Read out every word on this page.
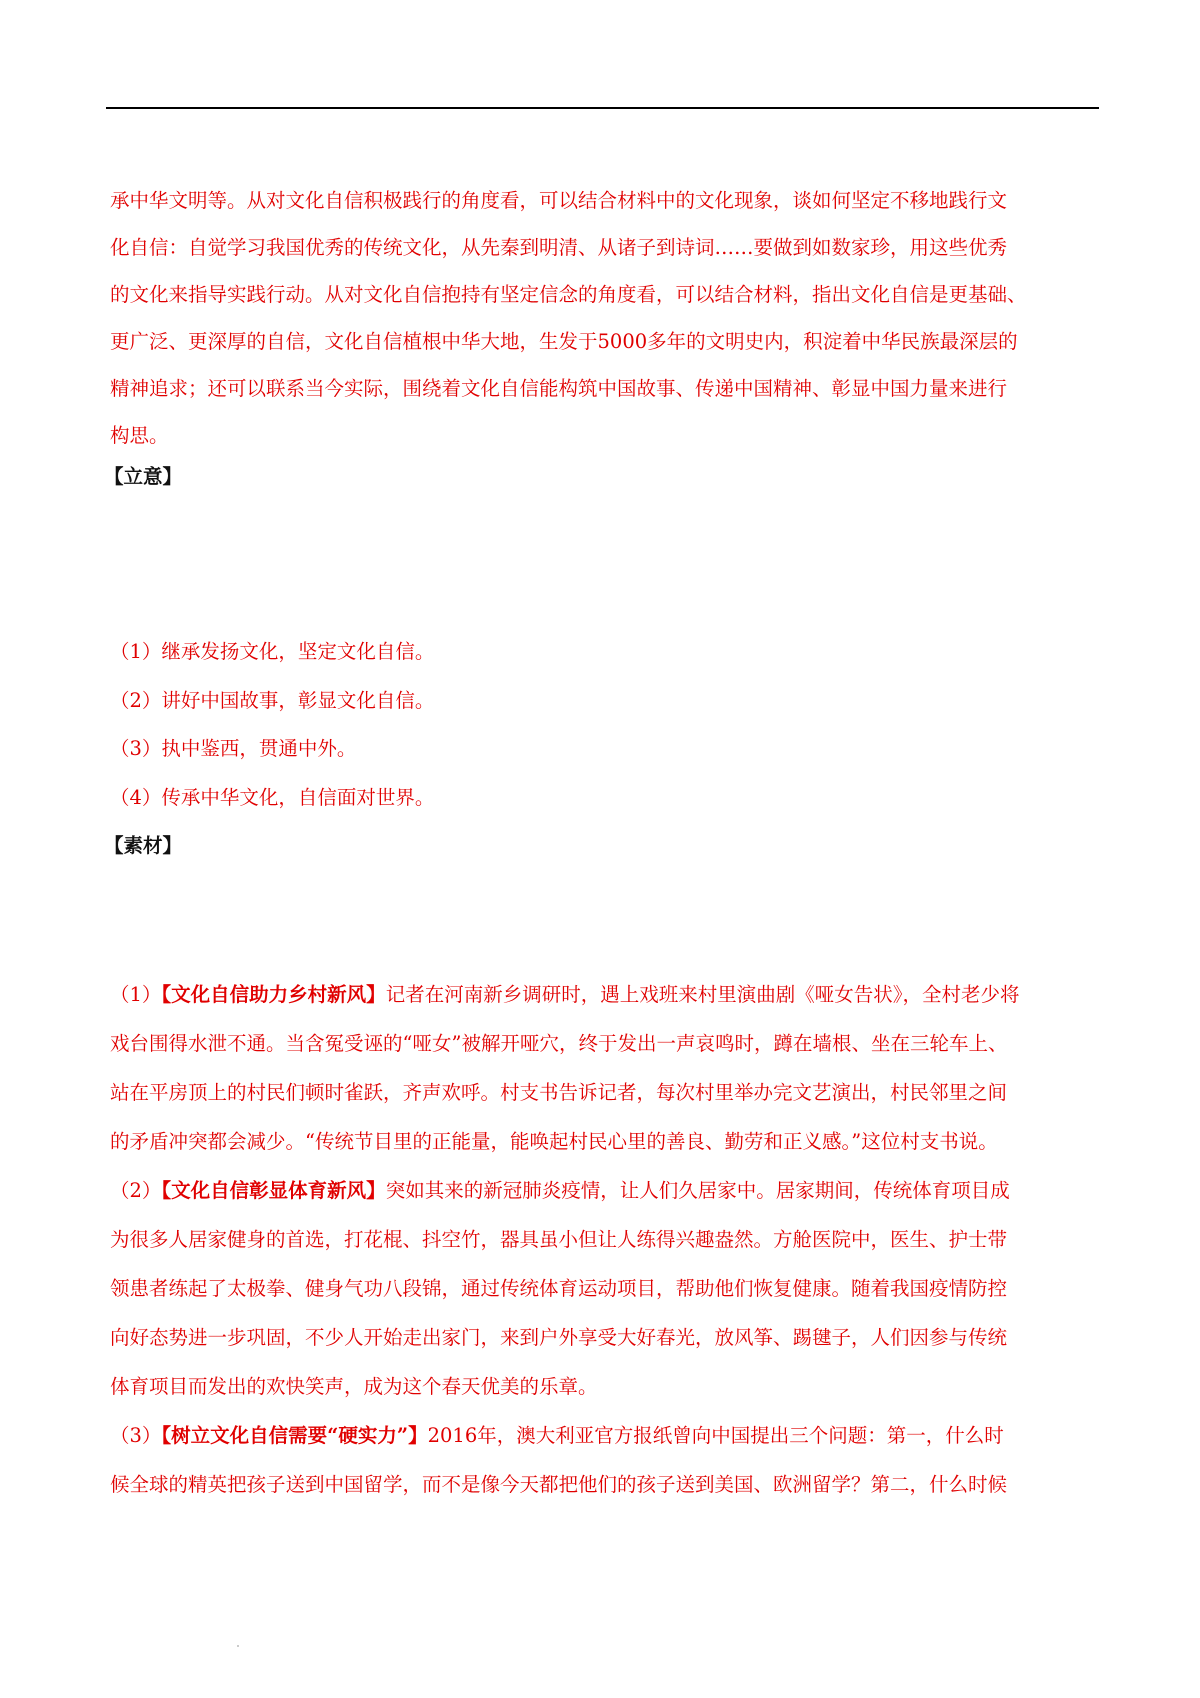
承中华文明等。从对文化自信积极践行的角度看，可以结合材料中的文化现象，谈如何坚定不移地践行文
化自信：自觉学习我国优秀的传统文化，从先秦到明清、从诸子到诗词……要做到如数家珍，用这些优秀
的文化来指导实践行动。从对文化自信抱持有坚定信念的角度看，可以结合材料，指出文化自信是更基础、
更广泛、更深厚的自信，文化自信植根中华大地，生发于5000多年的文明史内，积淀着中华民族最深层的
精神追求；还可以联系当今实际，围绕着文化自信能构筑中国故事、传递中国精神、彰显中国力量来进行
构思。
【立意】
（1）继承发扬文化，坚定文化自信。
（2）讲好中国故事，彰显文化自信。
（3）执中鉴西，贯通中外。
（4）传承中华文化，自信面对世界。
【素材】
（1）【文化自信助力乡村新风】记者在河南新乡调研时，遇上戏班来村里演曲剧《哑女告状》，全村老少将
戏台围得水泄不通。当含冤受诬的“哑女”被解开哑穴，终于发出一声哀鸣时，蹲在墙根、坐在三轮车上、
站在平房顶上的村民们顿时雀跃，齐声欢呼。村支书告诉记者，每次村里举办完文艺演出，村民邻里之间
的矛盾冲突都会减少。“传统节目里的正能量，能唤起村民心里的善良、勤劳和正义感。”这位村支书说。
（2）【文化自信彰显体育新风】突如其来的新冠肺炎疫情，让人们久居家中。居家期间，传统体育项目成
为很多人居家健身的首选，打花棍、抖空竹，器具虽小但让人练得兴趣盎然。方舱医院中，医生、护士带
领患者练起了太极拳、健身气功八段锦，通过传统体育运动项目，帮助他们恢复健康。随着我国疫情防控
向好态势进一步巩固，不少人开始走出家门，来到户外享受大好春光，放风筝、踢毽子，人们因参与传统
体育项目而发出的欢快笑声，成为这个春天优美的乐章。
（3）【树立文化自信需要“硬实力”】2016年，澳大利亚官方报纸曾向中国提出三个问题：第一，什么时
候全球的精英把孩子送到中国留学，而不是像今天都把他们的孩子送到美国、欧洲留学？第二，什么时候
